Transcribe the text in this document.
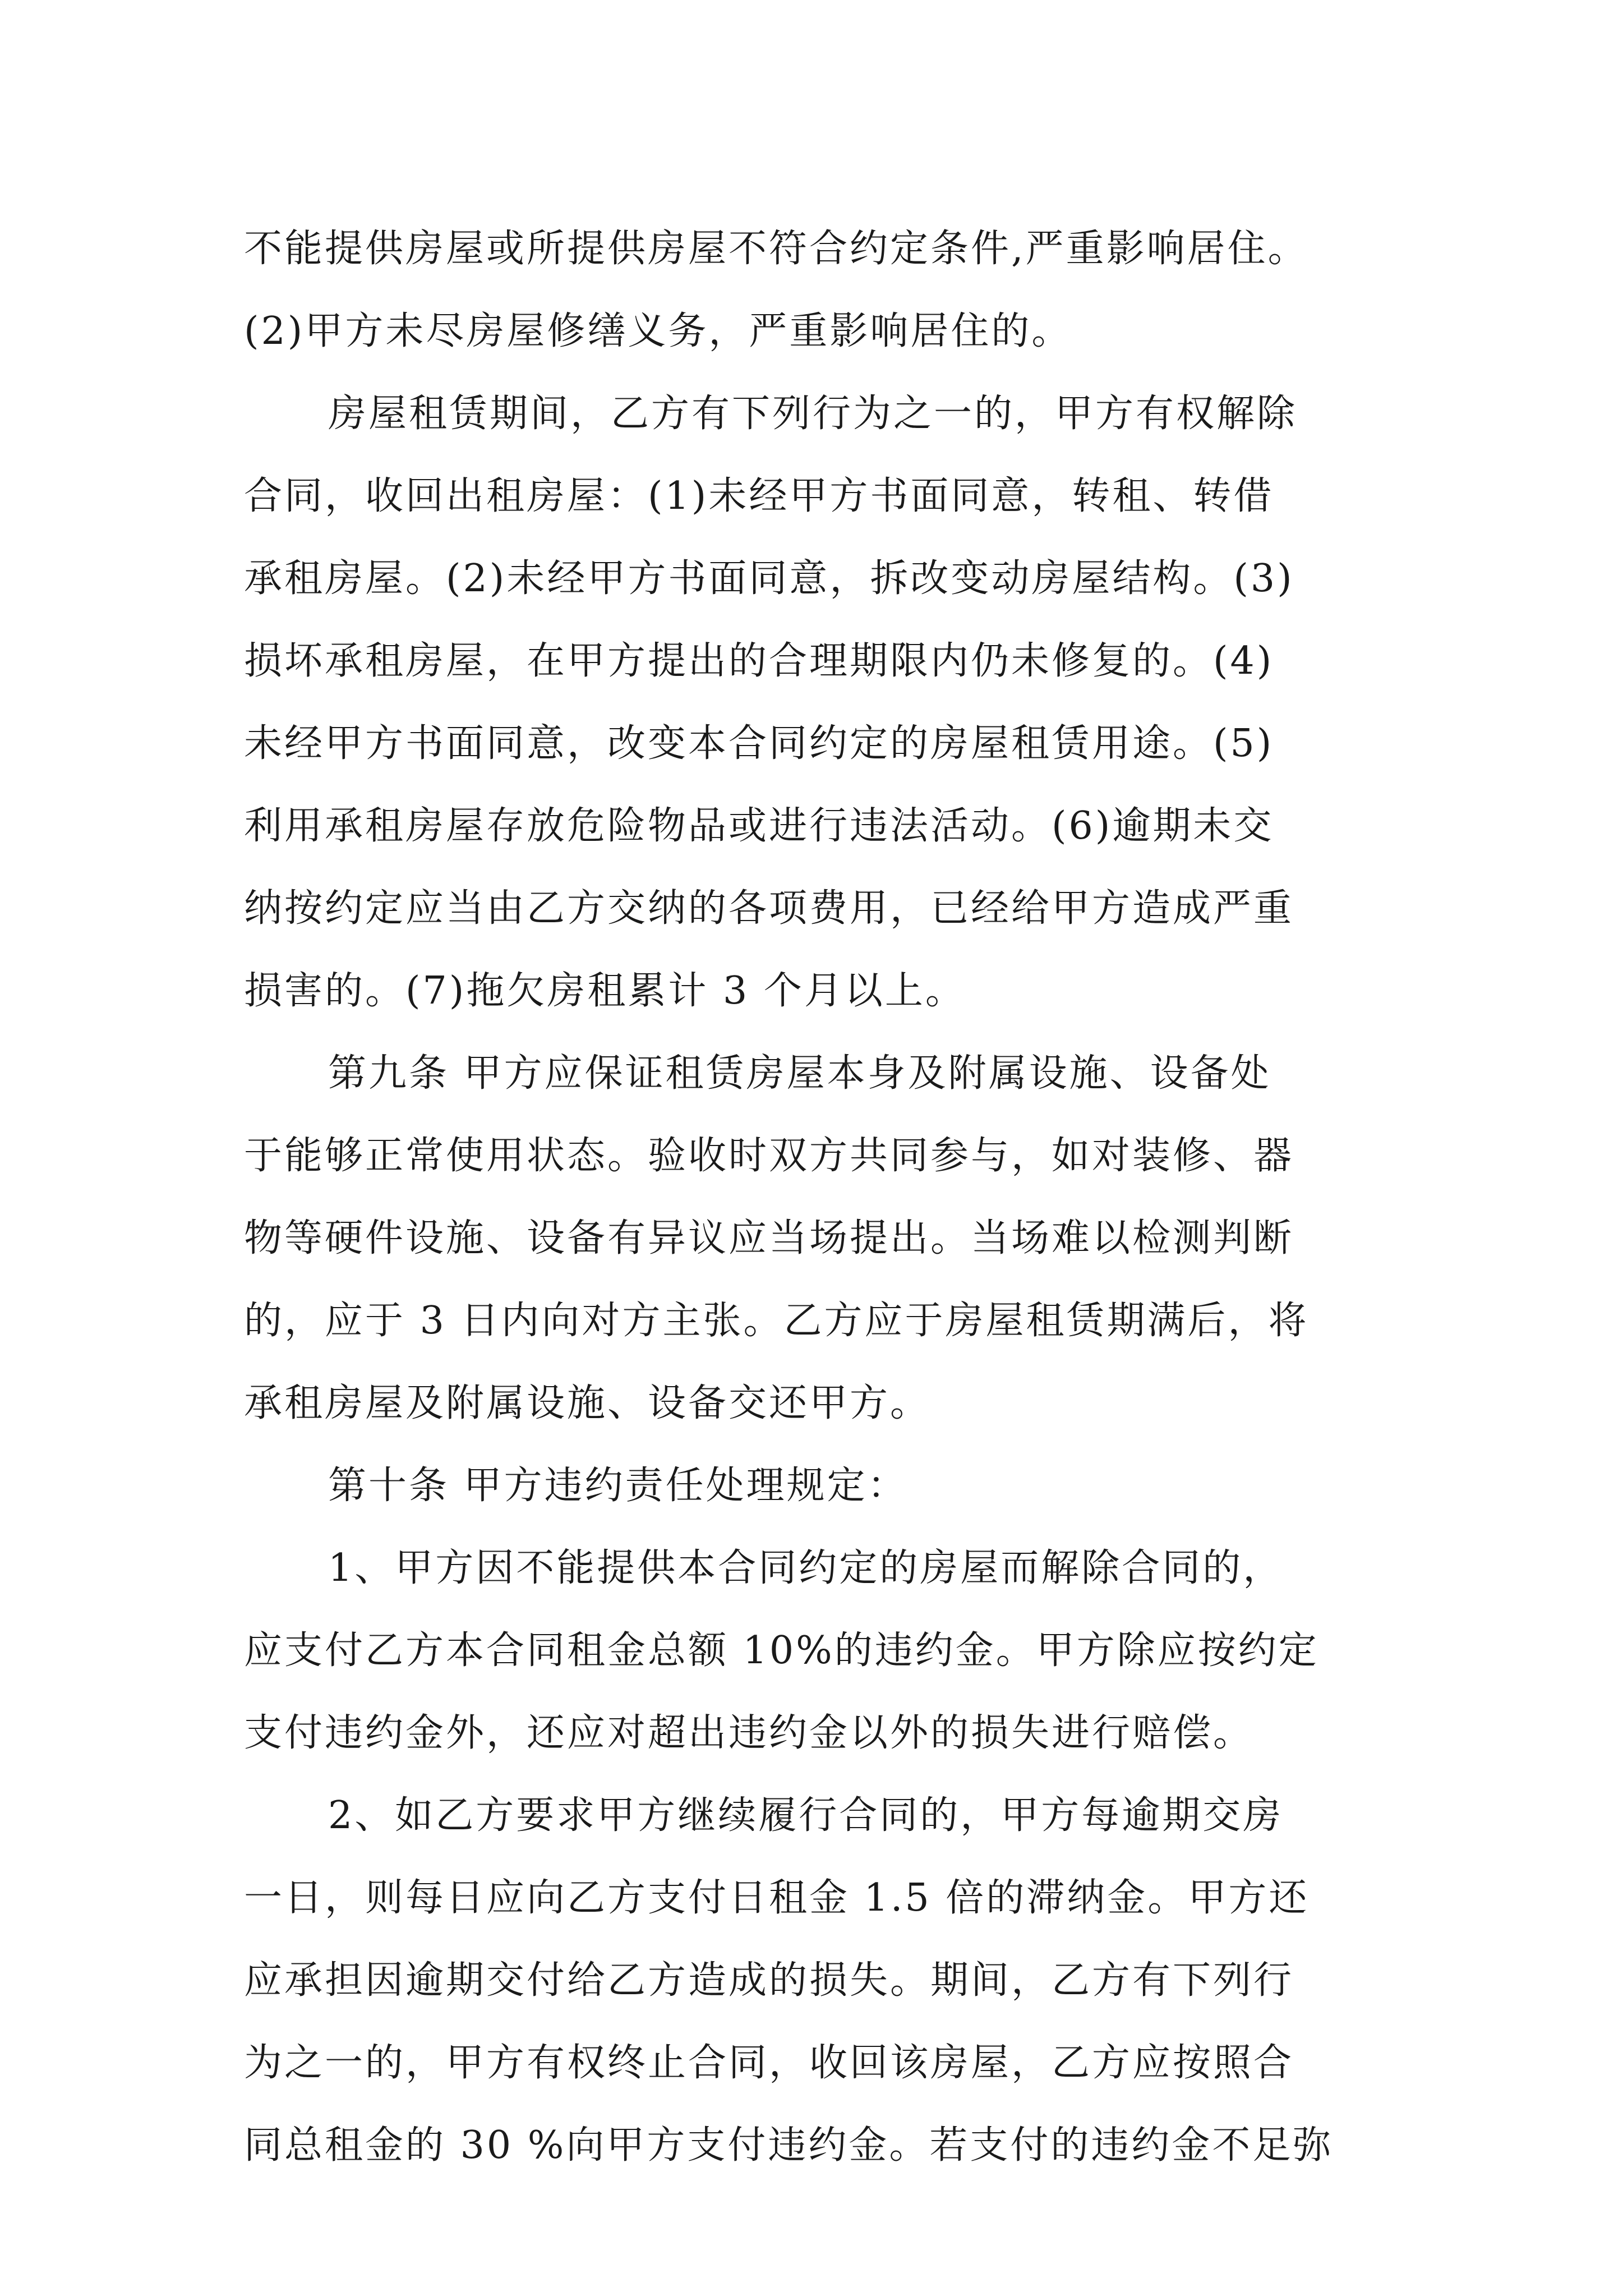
不能提供房屋或所提供房屋不符合约定条件,严重影响居住。
(2)甲方未尽房屋修缮义务，严重影响居住的。
房屋租赁期间，乙方有下列行为之一的，甲方有权解除
合同，收回出租房屋：(1)未经甲方书面同意，转租、转借
承租房屋。(2)未经甲方书面同意，拆改变动房屋结构。(3)
损坏承租房屋，在甲方提出的合理期限内仍未修复的。(4)
未经甲方书面同意，改变本合同约定的房屋租赁用途。(5)
利用承租房屋存放危险物品或进行违法活动。(6)逾期未交
纳按约定应当由乙方交纳的各项费用，已经给甲方造成严重
损害的。(7)拖欠房租累计 3 个月以上。
第九条 甲方应保证租赁房屋本身及附属设施、设备处
于能够正常使用状态。验收时双方共同参与，如对装修、器
物等硬件设施、设备有异议应当场提出。当场难以检测判断
的，应于 3 日内向对方主张。乙方应于房屋租赁期满后，将
承租房屋及附属设施、设备交还甲方。
第十条 甲方违约责任处理规定：
1、甲方因不能提供本合同约定的房屋而解除合同的，
应支付乙方本合同租金总额 10%的违约金。甲方除应按约定
支付违约金外，还应对超出违约金以外的损失进行赔偿。
2、如乙方要求甲方继续履行合同的，甲方每逾期交房
一日，则每日应向乙方支付日租金 1.5 倍的滞纳金。甲方还
应承担因逾期交付给乙方造成的损失。期间，乙方有下列行
为之一的，甲方有权终止合同，收回该房屋，乙方应按照合
同总租金的 30 %向甲方支付违约金。若支付的违约金不足弥
